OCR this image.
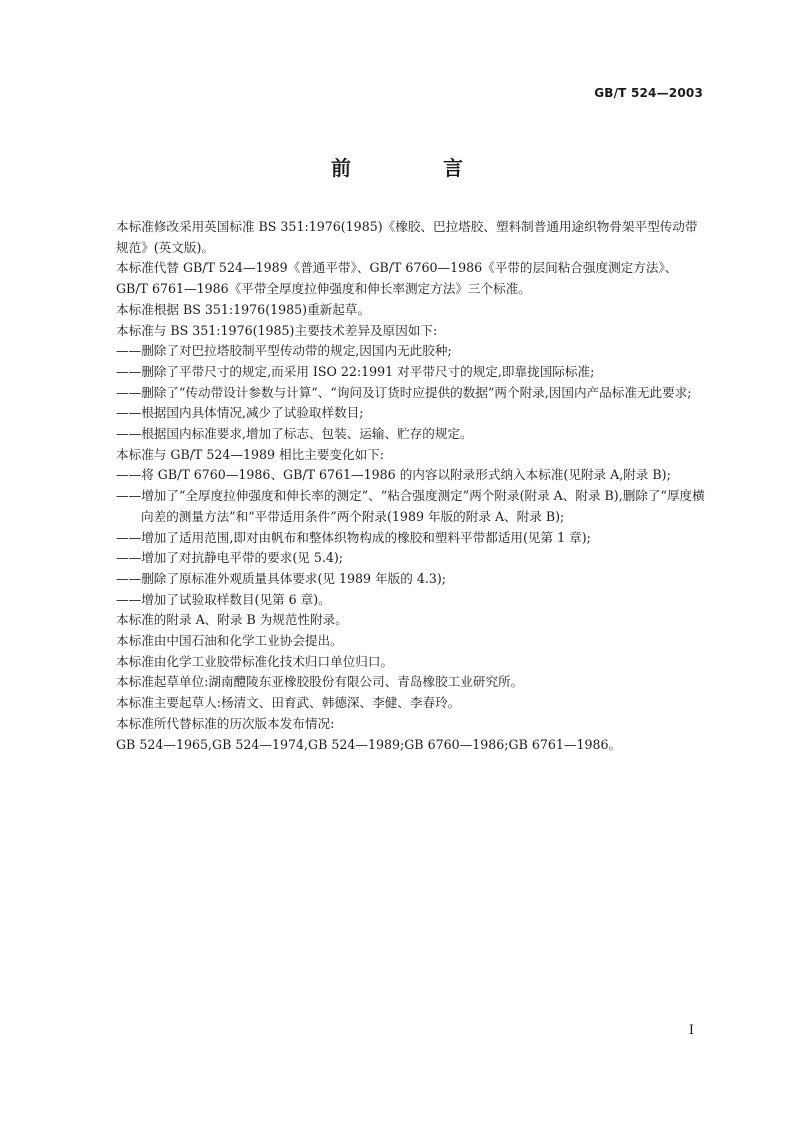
GB/T 524—2003
前　言

本标准修改采用英国标准 BS 351:1976(1985)《橡胶、巴拉塔胶、塑料制普通用途织物骨架平型传动带规范》(英文版)。

本标准代替 GB/T 524—1989《普通平带》、GB/T 6760—1986《平带的层间粘合强度测定方法》、GB/T 6761—1986《平带全厚度拉伸强度和伸长率测定方法》三个标准。

本标准根据 BS 351:1976(1985)重新起草。

本标准与 BS 351:1976(1985)主要技术差异及原因如下:

——删除了对巴拉塔胶制平型传动带的规定,因国内无此胶种;

——删除了平带尺寸的规定,而采用 ISO 22:1991 对平带尺寸的规定,即靠拢国际标准;

——删除了“传动带设计参数与计算”、“询问及订货时应提供的数据”两个附录,因国内产品标准无此要求;

——根据国内具体情况,减少了试验取样数目;

——根据国内标准要求,增加了标志、包装、运输、贮存的规定。

本标准与 GB/T 524—1989 相比主要变化如下:

——将 GB/T 6760—1986、GB/T 6761—1986 的内容以附录形式纳入本标准(见附录 A,附录 B);

——增加了“全厚度拉伸强度和伸长率的测定”、“粘合强度测定”两个附录(附录 A、附录 B),删除了“厚度横向差的测量方法”和“平带适用条件”两个附录(1989 年版的附录 A、附录 B);

——增加了适用范围,即对由帆布和整体织物构成的橡胶和塑料平带都适用(见第 1 章);

——增加了对抗静电平带的要求(见 5.4);

——删除了原标准外观质量具体要求(见 1989 年版的 4.3);

——增加了试验取样数目(见第 6 章)。

本标准的附录 A、附录 B 为规范性附录。

本标准由中国石油和化学工业协会提出。

本标准由化学工业胶带标准化技术归口单位归口。

本标准起草单位:湖南醴陵东亚橡胶股份有限公司、青岛橡胶工业研究所。

本标准主要起草人:杨清文、田育武、韩德深、李健、李春玲。

本标准所代替标准的历次版本发布情况:

GB 524—1965,GB 524—1974,GB 524—1989;GB 6760—1986;GB 6761—1986。

I
